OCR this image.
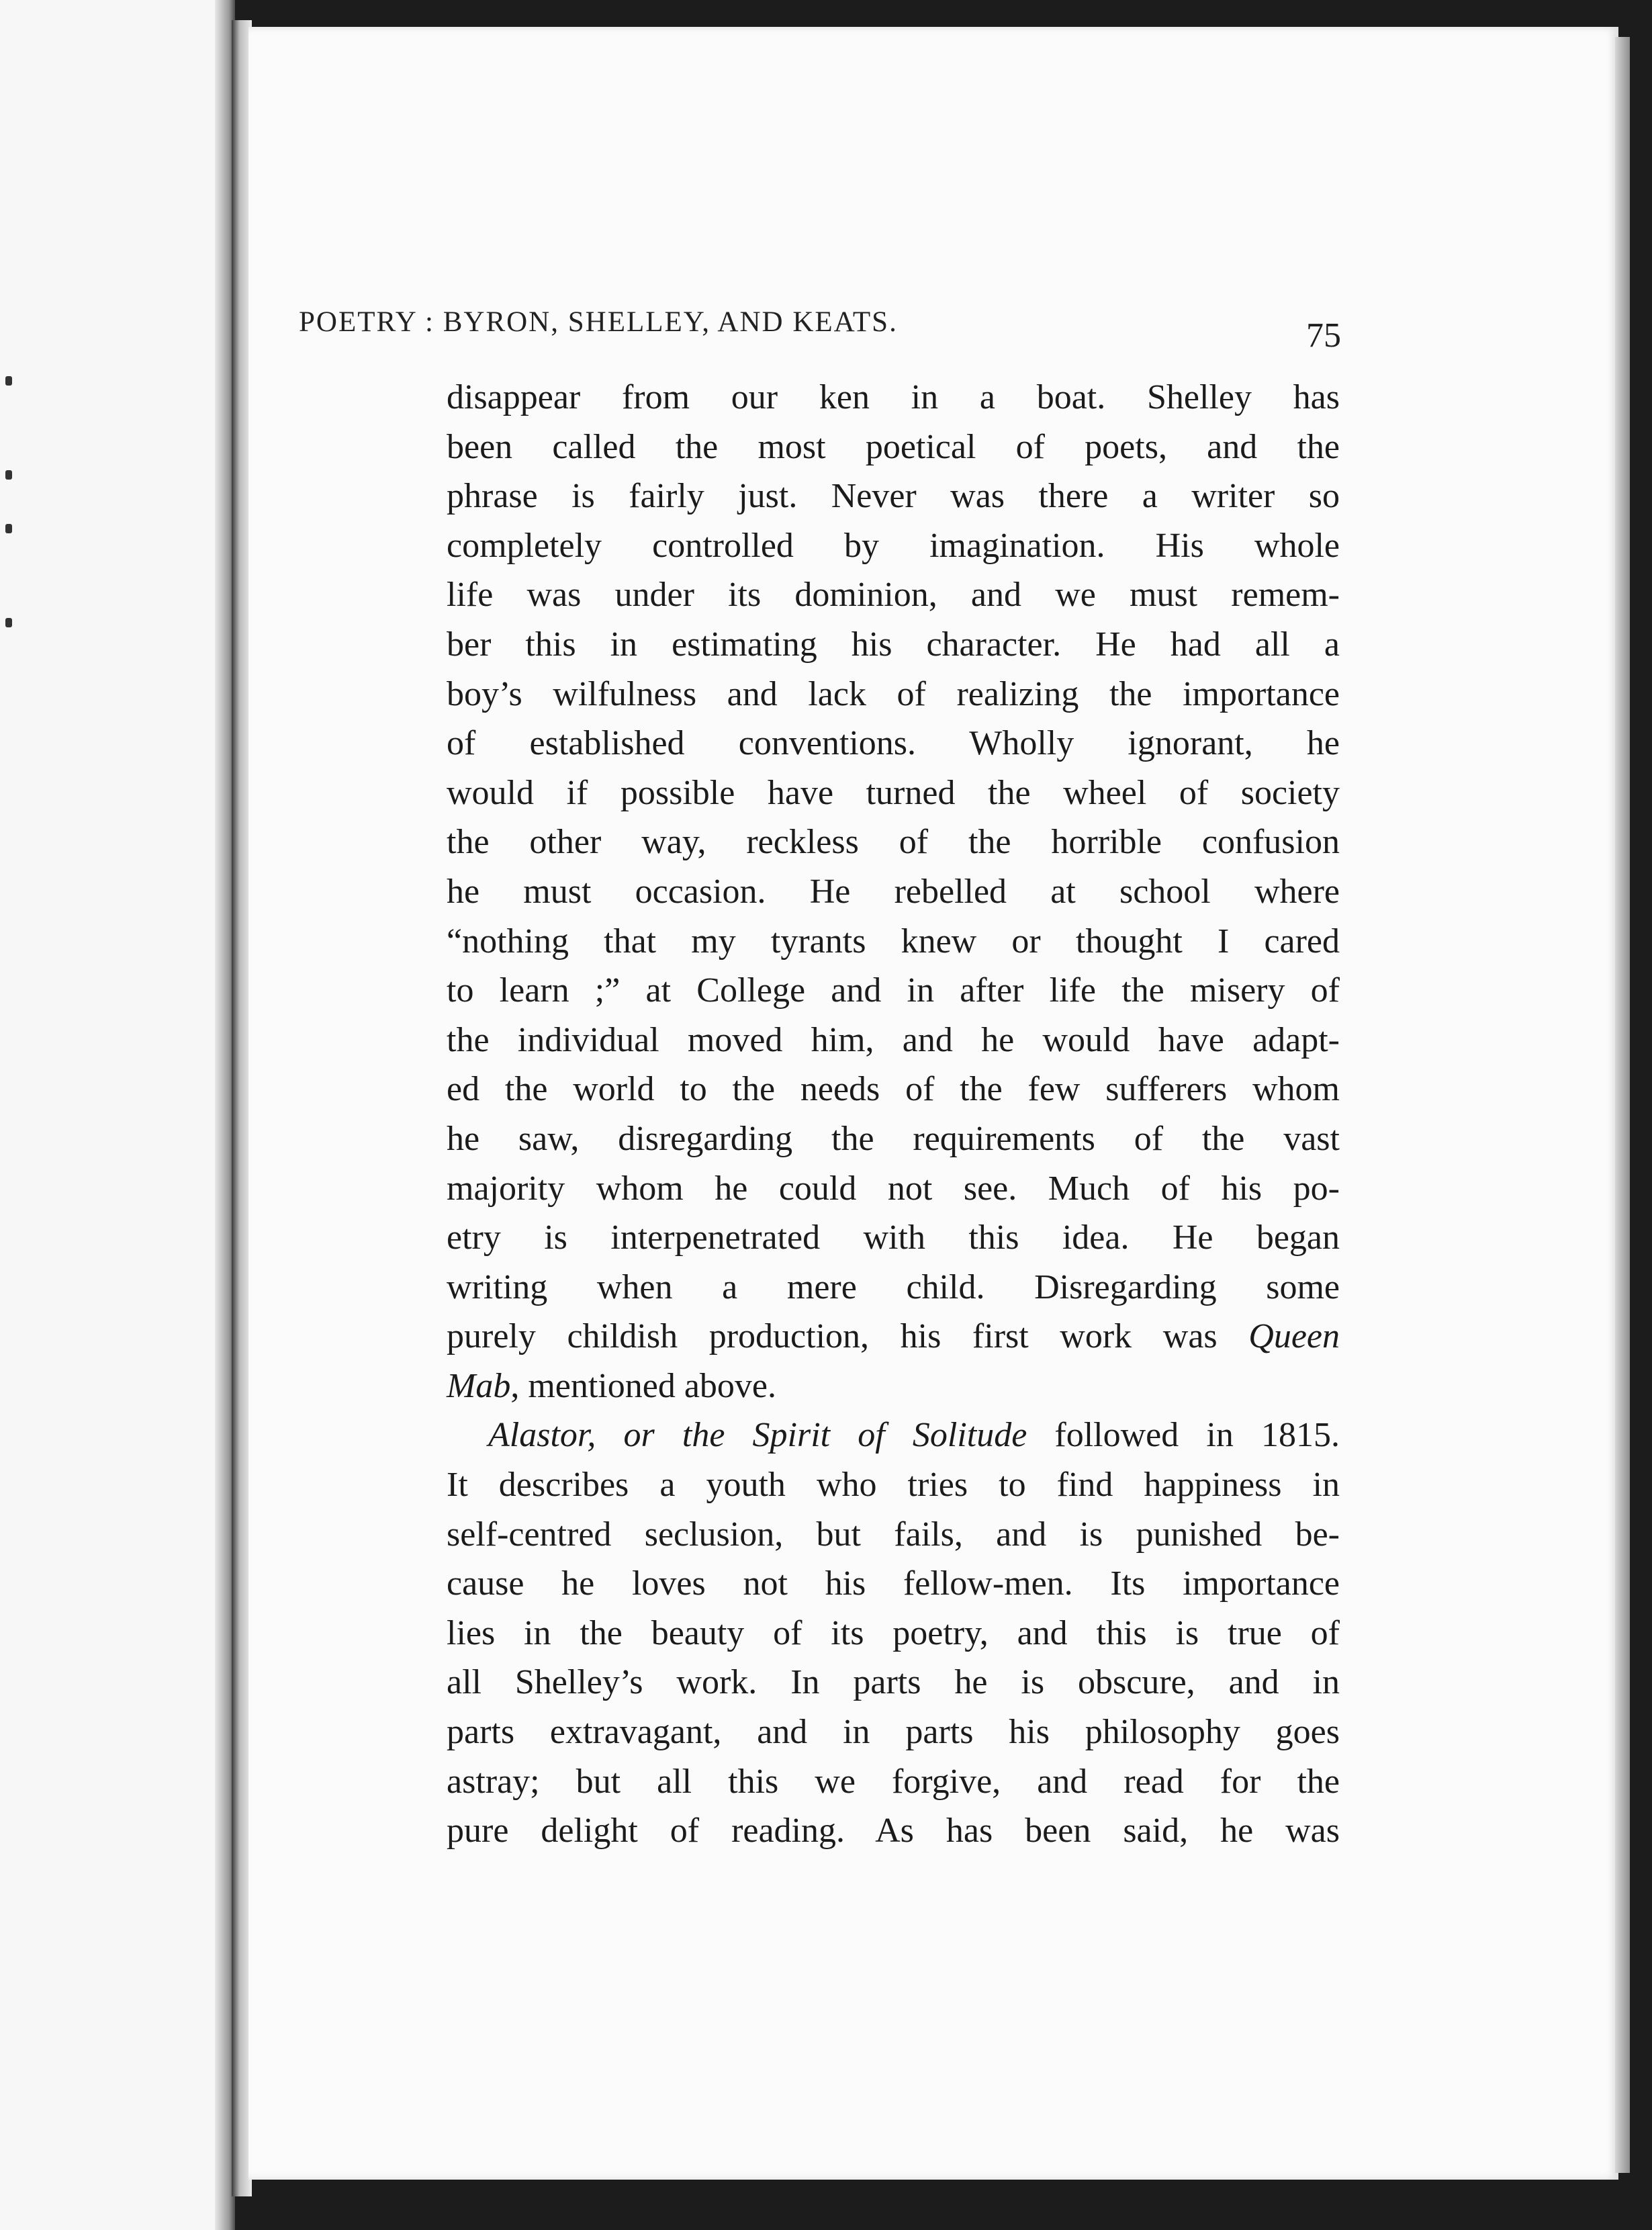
POETRY : BYRON, SHELLEY, AND KEATS.	75
disappear from our ken in a boat. Shelley has
been called the most poetical of poets, and the
phrase is fairly just. Never was there a writer so
completely controlled by imagination. His whole
life was under its dominion, and we must remem-
ber this in estimating his character. He had all a
boy’s wilfulness and lack of realizing the importance
of established conventions. Wholly ignorant, he
would if possible have turned the wheel of society
the other way, reckless of the horrible confusion
he must occasion. He rebelled at school where
“nothing that my tyrants knew or thought I cared
to learn ;” at College and in after life the misery of
the individual moved him, and he would have adapt-
ed the world to the needs of the few sufferers whom
he saw, disregarding the requirements of the vast
majority whom he could not see. Much of his po-
etry is interpenetrated with this idea. He began
writing when a mere child. Disregarding some
purely childish production, his first work was Queen
Mab, mentioned above.
Alastor, or the Spirit of Solitude followed in 1815.
It describes a youth who tries to find happiness in
self-centred seclusion, but fails, and is punished be-
cause he loves not his fellow-men. Its importance
lies in the beauty of its poetry, and this is true of
all Shelley’s work. In parts he is obscure, and in
parts extravagant, and in parts his philosophy goes
astray; but all this we forgive, and read for the
pure delight of reading. As has been said, he was
